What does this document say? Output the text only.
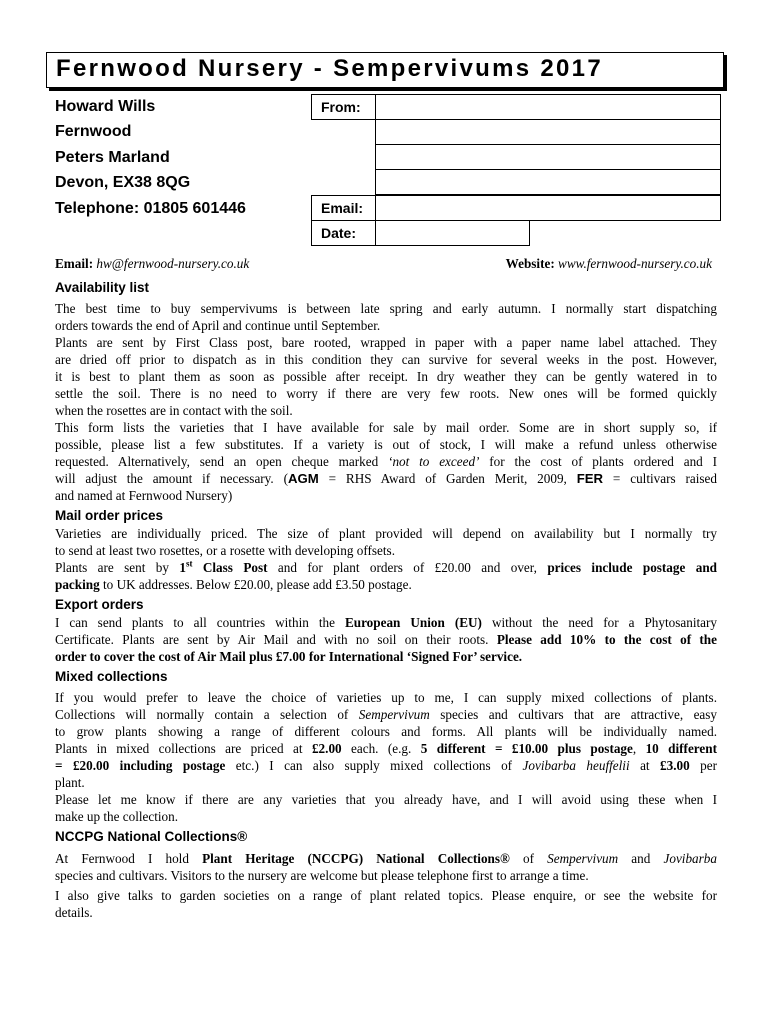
Fernwood Nursery - Sempervivums 2017
Howard Wills
Fernwood
Peters Marland
Devon, EX38 8QG
Telephone: 01805 601446
From:
Email:
Date:
Email: hw@fernwood-nursery.co.uk	Website: www.fernwood-nursery.co.uk
Availability list
The best time to buy sempervivums is between late spring and early autumn. I normally start dispatching
orders towards the end of April and continue until September.
Plants are sent by First Class post, bare rooted, wrapped in paper with a paper name label attached. They
are dried off prior to dispatch as in this condition they can survive for several weeks in the post. However,
it is best to plant them as soon as possible after receipt. In dry weather they can be gently watered in to
settle the soil. There is no need to worry if there are very few roots. New ones will be formed quickly
when the rosettes are in contact with the soil.
This form lists the varieties that I have available for sale by mail order. Some are in short supply so, if
possible, please list a few substitutes. If a variety is out of stock, I will make a refund unless otherwise
requested. Alternatively, send an open cheque marked ‘not to exceed’ for the cost of plants ordered and I
will adjust the amount if necessary. (AGM = RHS Award of Garden Merit, 2009, FER = cultivars raised
and named at Fernwood Nursery)
Mail order prices
Varieties are individually priced. The size of plant provided will depend on availability but I normally try
to send at least two rosettes, or a rosette with developing offsets.
Plants are sent by 1st Class Post and for plant orders of £20.00 and over, prices include postage and
packing to UK addresses. Below £20.00, please add £3.50 postage.
Export orders
I can send plants to all countries within the European Union (EU) without the need for a Phytosanitary
Certificate. Plants are sent by Air Mail and with no soil on their roots. Please add 10% to the cost of the
order to cover the cost of Air Mail plus £7.00 for International ‘Signed For’ service.
Mixed collections
If you would prefer to leave the choice of varieties up to me, I can supply mixed collections of plants.
Collections will normally contain a selection of Sempervivum species and cultivars that are attractive, easy
to grow plants showing a range of different colours and forms. All plants will be individually named.
Plants in mixed collections are priced at £2.00 each. (e.g. 5 different = £10.00 plus postage, 10 different
= £20.00 including postage etc.) I can also supply mixed collections of Jovibarba heuffelii at £3.00 per
plant.
Please let me know if there are any varieties that you already have, and I will avoid using these when I
make up the collection.
NCCPG National Collections®
At Fernwood I hold Plant Heritage (NCCPG) National Collections® of Sempervivum and Jovibarba
species and cultivars. Visitors to the nursery are welcome but please telephone first to arrange a time.
I also give talks to garden societies on a range of plant related topics. Please enquire, or see the website for
details.
